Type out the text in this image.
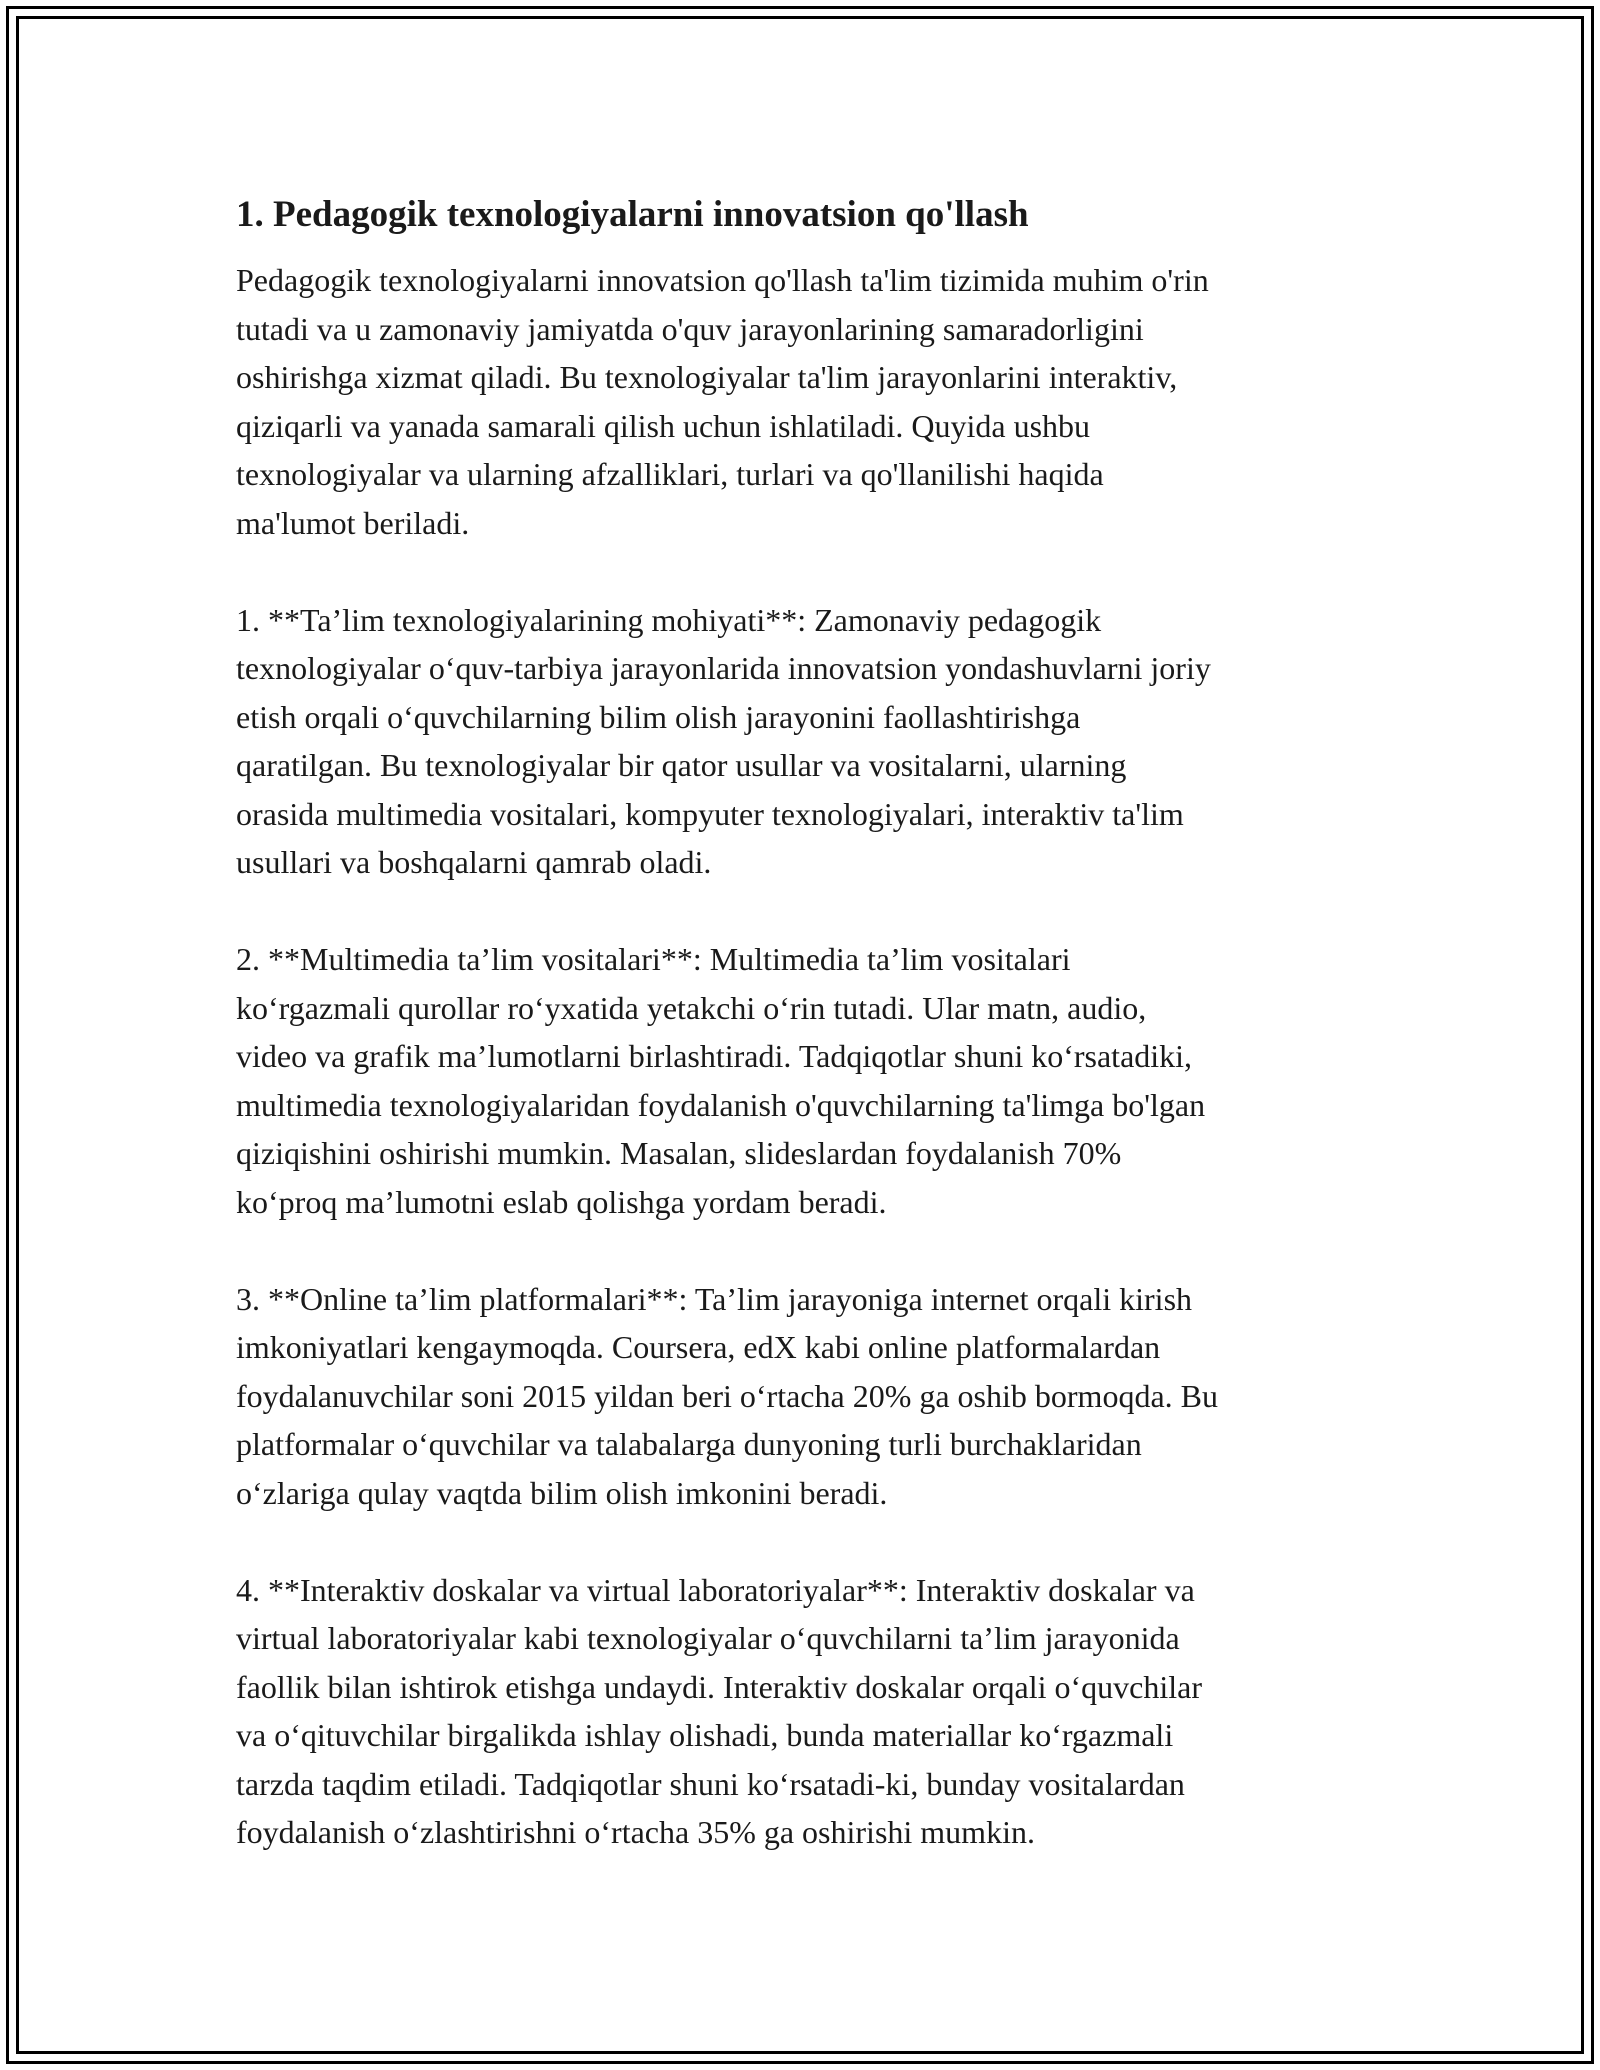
1. Pedagogik texnologiyalarni innovatsion qo'llash

Pedagogik texnologiyalarni innovatsion qo'llash ta'lim tizimida muhim o'rin
tutadi va u zamonaviy jamiyatda o'quv jarayonlarining samaradorligini
oshirishga xizmat qiladi. Bu texnologiyalar ta'lim jarayonlarini interaktiv,
qiziqarli va yanada samarali qilish uchun ishlatiladi. Quyida ushbu
texnologiyalar va ularning afzalliklari, turlari va qo'llanilishi haqida
ma'lumot beriladi.

1. **Ta’lim texnologiyalarining mohiyati**: Zamonaviy pedagogik
texnologiyalar o‘quv-tarbiya jarayonlarida innovatsion yondashuvlarni joriy
etish orqali o‘quvchilarning bilim olish jarayonini faollashtirishga
qaratilgan. Bu texnologiyalar bir qator usullar va vositalarni, ularning
orasida multimedia vositalari, kompyuter texnologiyalari, interaktiv ta'lim
usullari va boshqalarni qamrab oladi.

2. **Multimedia ta’lim vositalari**: Multimedia ta’lim vositalari
ko‘rgazmali qurollar ro‘yxatida yetakchi o‘rin tutadi. Ular matn, audio,
video va grafik ma’lumotlarni birlashtiradi. Tadqiqotlar shuni ko‘rsatadiki,
multimedia texnologiyalaridan foydalanish o'quvchilarning ta'limga bo'lgan
qiziqishini oshirishi mumkin. Masalan, slideslardan foydalanish 70%
ko‘proq ma’lumotni eslab qolishga yordam beradi.

3. **Online ta’lim platformalari**: Ta’lim jarayoniga internet orqali kirish
imkoniyatlari kengaymoqda. Coursera, edX kabi online platformalardan
foydalanuvchilar soni 2015 yildan beri o‘rtacha 20% ga oshib bormoqda. Bu
platformalar o‘quvchilar va talabalarga dunyoning turli burchaklaridan
o‘zlariga qulay vaqtda bilim olish imkonini beradi.

4. **Interaktiv doskalar va virtual laboratoriyalar**: Interaktiv doskalar va
virtual laboratoriyalar kabi texnologiyalar o‘quvchilarni ta’lim jarayonida
faollik bilan ishtirok etishga undaydi. Interaktiv doskalar orqali o‘quvchilar
va o‘qituvchilar birgalikda ishlay olishadi, bunda materiallar ko‘rgazmali
tarzda taqdim etiladi. Tadqiqotlar shuni ko‘rsatadi-ki, bunday vositalardan
foydalanish o‘zlashtirishni o‘rtacha 35% ga oshirishi mumkin.
